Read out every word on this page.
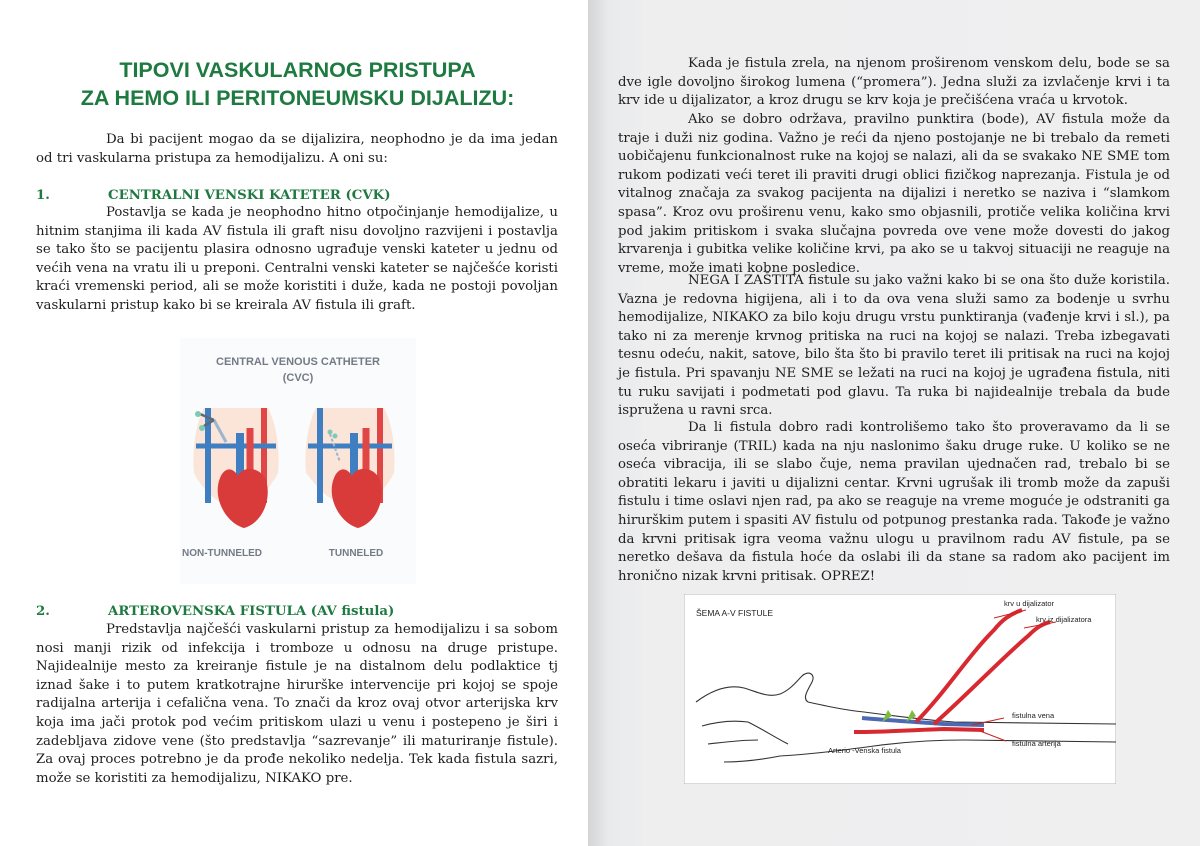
TIPOVI VASKULARNOG PRISTUPA
ZA HEMO ILI PERITONEUMSKU DIJALIZU:

Da bi pacijent mogao da se dijalizira, neophodno je da ima jedan od tri vaskularna pristupa za hemodijalizu. A oni su:

1.	CENTRALNI VENSKI KATETER (CVK)

Postavlja se kada je neophodno hitno otpočinjanje hemodijalize, u hitnim stanjima ili kada AV fistula ili graft nisu dovoljno razvijeni i postavlja se tako što se pacijentu plasira odnosno ugrađuje venski kateter u jednu od većih vena na vratu ili u preponi. Centralni venski kateter se najčešće koristi kraći vremenski period, ali se može koristiti i duže, kada ne postoji povoljan vaskularni pristup kako bi se kreirala AV fistula ili graft.

CENTRAL VENOUS CATHETER
(CVC)
NON-TUNNELED	TUNNELED

2.	ARTEROVENSKA FISTULA (AV fistula)

Predstavlja najčešći vaskularni pristup za hemodijalizu i sa sobom nosi manji rizik od infekcija i tromboze u odnosu na druge pristupe. Najidealnije mesto za kreiranje fistule je na distalnom delu podlaktice tj iznad šake i to putem kratkotrajne hirurške intervencije pri kojoj se spoje radijalna arterija i cefalična vena. To znači da kroz ovaj otvor arterijska krv koja ima jači protok pod većim pritiskom ulazi u venu i postepeno je širi i zadebljava zidove vene (što predstavlja “sazrevanje” ili maturiranje fistule). Za ovaj proces potrebno je da prođe nekoliko nedelja. Tek kada fistula sazri, može se koristiti za hemodijalizu, NIKAKO pre.

Kada je fistula zrela, na njenom proširenom venskom delu, bode se sa dve igle dovoljno širokog lumena (“promera”). Jedna služi za izvlačenje krvi i ta krv ide u dijalizator, a kroz drugu se krv koja je prečišćena vraća u krvotok.

Ako se dobro održava, pravilno punktira (bode), AV fistula može da traje i duži niz godina. Važno je reći da njeno postojanje ne bi trebalo da remeti uobičajenu funkcionalnost ruke na kojoj se nalazi, ali da se svakako NE SME tom rukom podizati veći teret ili praviti drugi oblici fizičkog naprezanja. Fistula je od vitalnog značaja za svakog pacijenta na dijalizi i neretko se naziva i “slamkom spasa”. Kroz ovu proširenu venu, kako smo objasnili, protiče velika količina krvi pod jakim pritiskom i svaka slučajna povreda ove vene može dovesti do jakog krvarenja i gubitka velike količine krvi, pa ako se u takvoj situaciji ne reaguje na vreme, može imati kobne posledice.

NEGA I ZAŠTITA fistule su jako važni kako bi se ona što duže koristila. Vazna je redovna higijena, ali i to da ova vena služi samo za bodenje u svrhu hemodijalize, NIKAKO za bilo koju drugu vrstu punktiranja (vađenje krvi i sl.), pa tako ni za merenje krvnog pritiska na ruci na kojoj se nalazi. Treba izbegavati tesnu odeću, nakit, satove, bilo šta što bi pravilo teret ili pritisak na ruci na kojoj je fistula. Pri spavanju NE SME se ležati na ruci na kojoj je ugrađena fistula, niti tu ruku savijati i podmetati pod glavu. Ta ruka bi najidealnije trebala da bude ispružena u ravni srca.

Da li fistula dobro radi kontrolišemo tako što proveravamo da li se oseća vibriranje (TRIL) kada na nju naslonimo šaku druge ruke. U koliko se ne oseća vibracija, ili se slabo čuje, nema pravilan ujednačen rad, trebalo bi se obratiti lekaru i javiti u dijalizni centar. Krvni ugrušak ili tromb može da zapuši fistulu i time oslavi njen rad, pa ako se reaguje na vreme moguće je odstraniti ga hirurškim putem i spasiti AV fistulu od potpunog prestanka rada. Takođe je važno da krvni pritisak igra veoma važnu ulogu u pravilnom radu AV fistule, pa se neretko dešava da fistula hoće da oslabi ili da stane sa radom ako pacijent im hronično nizak krvni pritisak. OPREZ!

ŠEMA A-V FISTULE
krv u dijalizator
krv iz dijalizatora
fistulna vena
fistulna arterija
Arterio -Venska fistula
